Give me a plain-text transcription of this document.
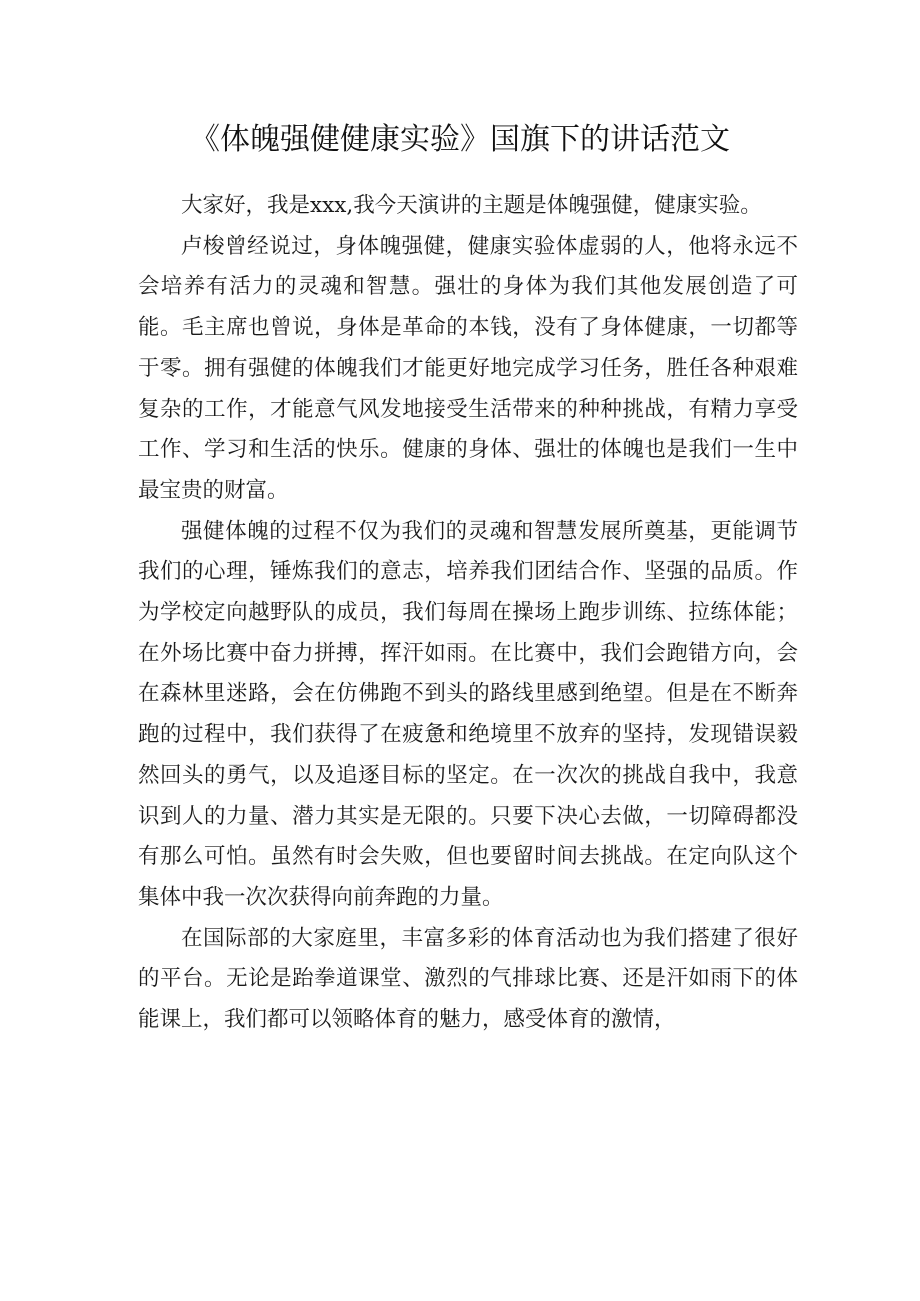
《体魄强健健康实验》国旗下的讲话范文

大家好，我是xxx,我今天演讲的主题是体魄强健，健康实验。

卢梭曾经说过，身体魄强健，健康实验体虚弱的人，他将永远不会培养有活力的灵魂和智慧。强壮的身体为我们其他发展创造了可能。毛主席也曾说，身体是革命的本钱，没有了身体健康，一切都等于零。拥有强健的体魄我们才能更好地完成学习任务，胜任各种艰难复杂的工作，才能意气风发地接受生活带来的种种挑战，有精力享受工作、学习和生活的快乐。健康的身体、强壮的体魄也是我们一生中最宝贵的财富。

强健体魄的过程不仅为我们的灵魂和智慧发展所奠基，更能调节我们的心理，锤炼我们的意志，培养我们团结合作、坚强的品质。作为学校定向越野队的成员，我们每周在操场上跑步训练、拉练体能；在外场比赛中奋力拼搏，挥汗如雨。在比赛中，我们会跑错方向，会在森林里迷路，会在仿佛跑不到头的路线里感到绝望。但是在不断奔跑的过程中，我们获得了在疲惫和绝境里不放弃的坚持，发现错误毅然回头的勇气，以及追逐目标的坚定。在一次次的挑战自我中，我意识到人的力量、潜力其实是无限的。只要下决心去做，一切障碍都没有那么可怕。虽然有时会失败，但也要留时间去挑战。在定向队这个集体中我一次次获得向前奔跑的力量。

在国际部的大家庭里，丰富多彩的体育活动也为我们搭建了很好的平台。无论是跆拳道课堂、激烈的气排球比赛、还是汗如雨下的体能课上，我们都可以领略体育的魅力，感受体育的激情，
